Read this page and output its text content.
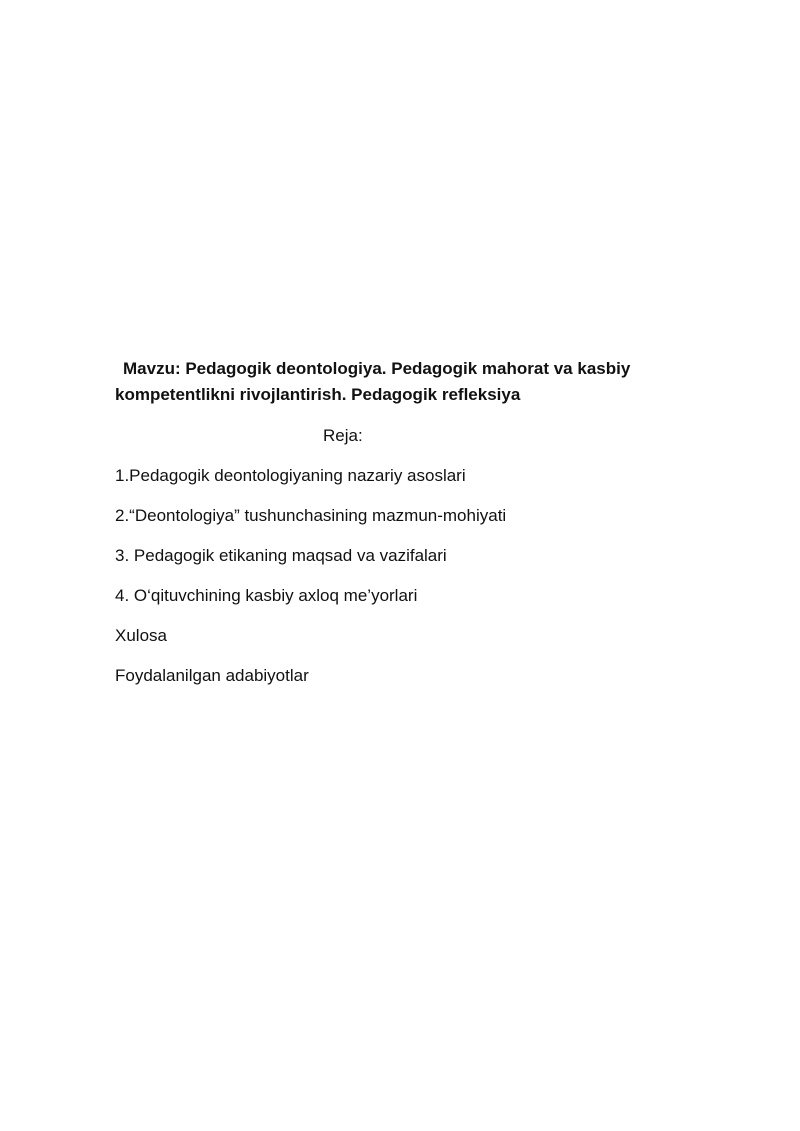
Mavzu: Pedagogik deontologiya. Pedagogik mahorat va kasbiy kompetentlikni rivojlantirish. Pedagogik refleksiya

Reja:

1.Pedagogik deontologiyaning nazariy asoslari

2.“Deontologiya” tushunchasining mazmun-mohiyati

3. Pedagogik etikaning maqsad va vazifalari

4. O‘qituvchining kasbiy axloq me’yorlari

Xulosa

Foydalanilgan adabiyotlar
